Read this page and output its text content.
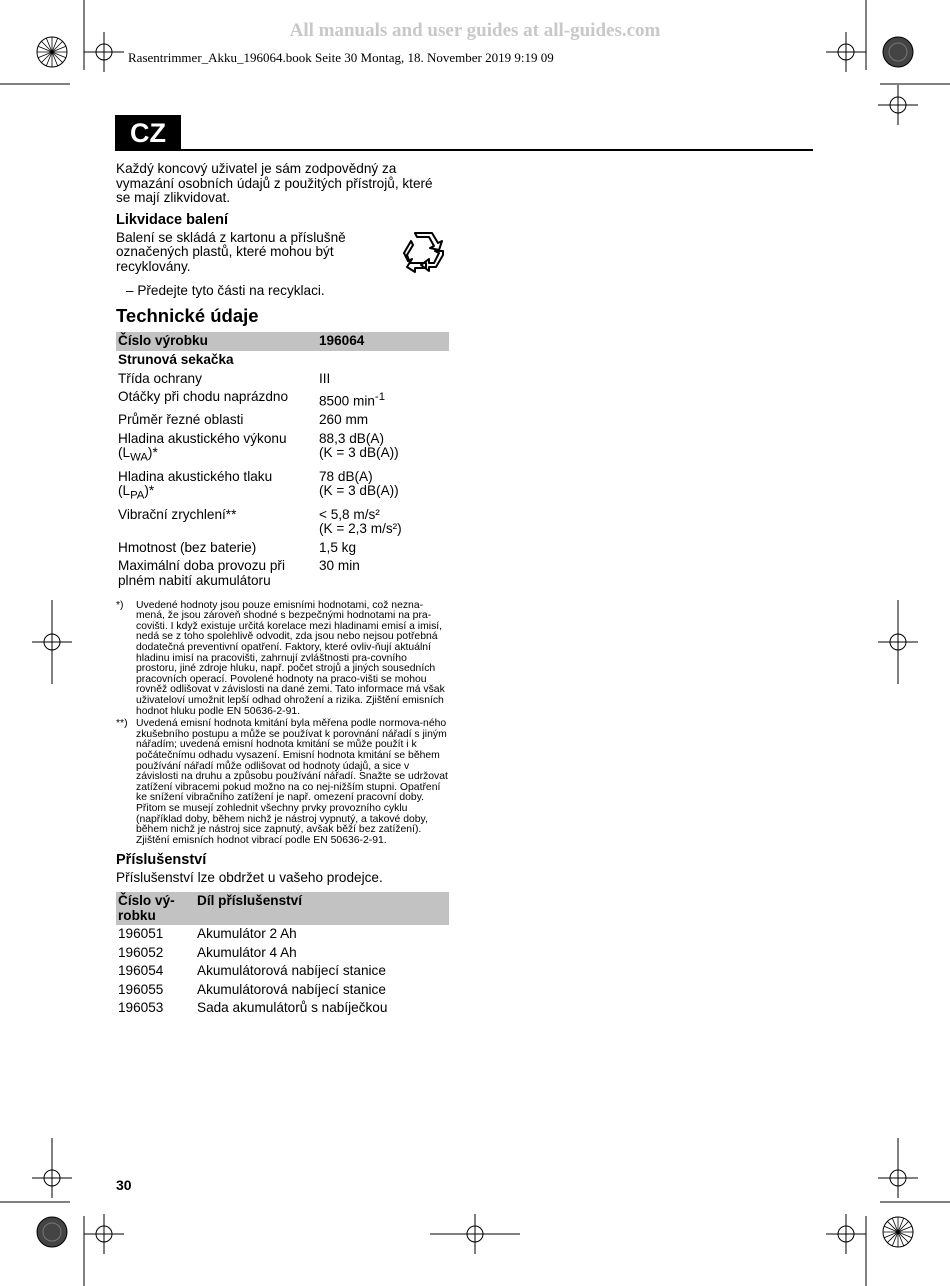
All manuals and user guides at all-guides.com
Rasentrimmer_Akku_196064.book Seite 30 Montag, 18. November 2019 9:19 09
CZ

Každý koncový uživatel je sám zodpovědný za vymazání osobních údajů z použitých přístrojů, které se mají zlikvidovat.

Likvidace balení

Balení se skládá z kartonu a příslušně označených plastů, které mohou být recyklovány.

– Předejte tyto části na recyklaci.

Technické údaje
Číslo výrobku	196064
Strunová sekačka	
Třída ochrany	III
Otáčky při chodu naprázdno	8500 $\min^{-1}$
Průměr řezné oblasti	260 mm
Hladina akustického výkonu
$(L_{WA})*$	88,3 dB(A)
(K = 3 dB(A))
Hladina akustického tlaku
$(L_{PA})*$	78 dB(A)
(K = 3 dB(A))
Vibrační zrychlení**	< 5,8 m/s²
(K = 2,3 m/s²)
Hmotnost (bez baterie)	1,5 kg
Maximální doba provozu při plném nabití akumulátoru	30 min
*)	Uvedené hodnoty jsou pouze emisními hodnotami, což nezna-mená, že jsou zároveň shodné s bezpečnými hodnotami na pra-covišti. I když existuje určitá korelace mezi hladinami emisí a imisí, nedá se z toho spolehlivě odvodit, zda jsou nebo nejsou potřebná dodatečná preventivní opatření. Faktory, které ovliv-ňují aktuální hladinu imisí na pracovišti, zahrnují zvláštnosti pra-covního prostoru, jiné zdroje hluku, např. počet strojů a jiných sousedních pracovních operací. Povolené hodnoty na praco-višti se mohou rovněž odlišovat v závislosti na dané zemi. Tato informace má však uživateloví umožnit lepší odhad ohrožení a rizika. Zjištění emisních hodnot hluku podle EN 50636-2-91.
**) Uvedená emisní hodnota kmitání byla měřena podle normova-ného zkušebního postupu a může se používat k porovnání nářadí s jiným nářadím; uvedená emisní hodnota kmitání se může použít i k počátečnímu odhadu vysazení. Emisní hodnota kmitání se během používání nářadí může odlišovat od hodnoty údajů, a sice v závislosti na druhu a způsobu používání nářadí. Snažte se udržovat zatížení vibracemi pokud možno na co nej-nižším stupni. Opatření ke snížení vibračního zatížení je např. omezení pracovní doby. Přitom se musejí zohlednit všechny prvky provozního cyklu (například doby, během nichž je nástroj vypnutý, a takové doby, během nichž je nástroj sice zapnutý, avšak běží bez zatížení). Zjištění emisních hodnot vibrací podle EN 50636-2-91.
Příslušenství

Příslušenství lze obdržet u vašeho prodejce.

Číslo vý-robku	Díl příslušenství
196051	Akumulátor 2 Ah
196052	Akumulátor 4 Ah
196054	Akumulátorová nabíjecí stanice
196055	Akumulátorová nabíjecí stanice
196053	Sada akumulátorů s nabíječkou
30
